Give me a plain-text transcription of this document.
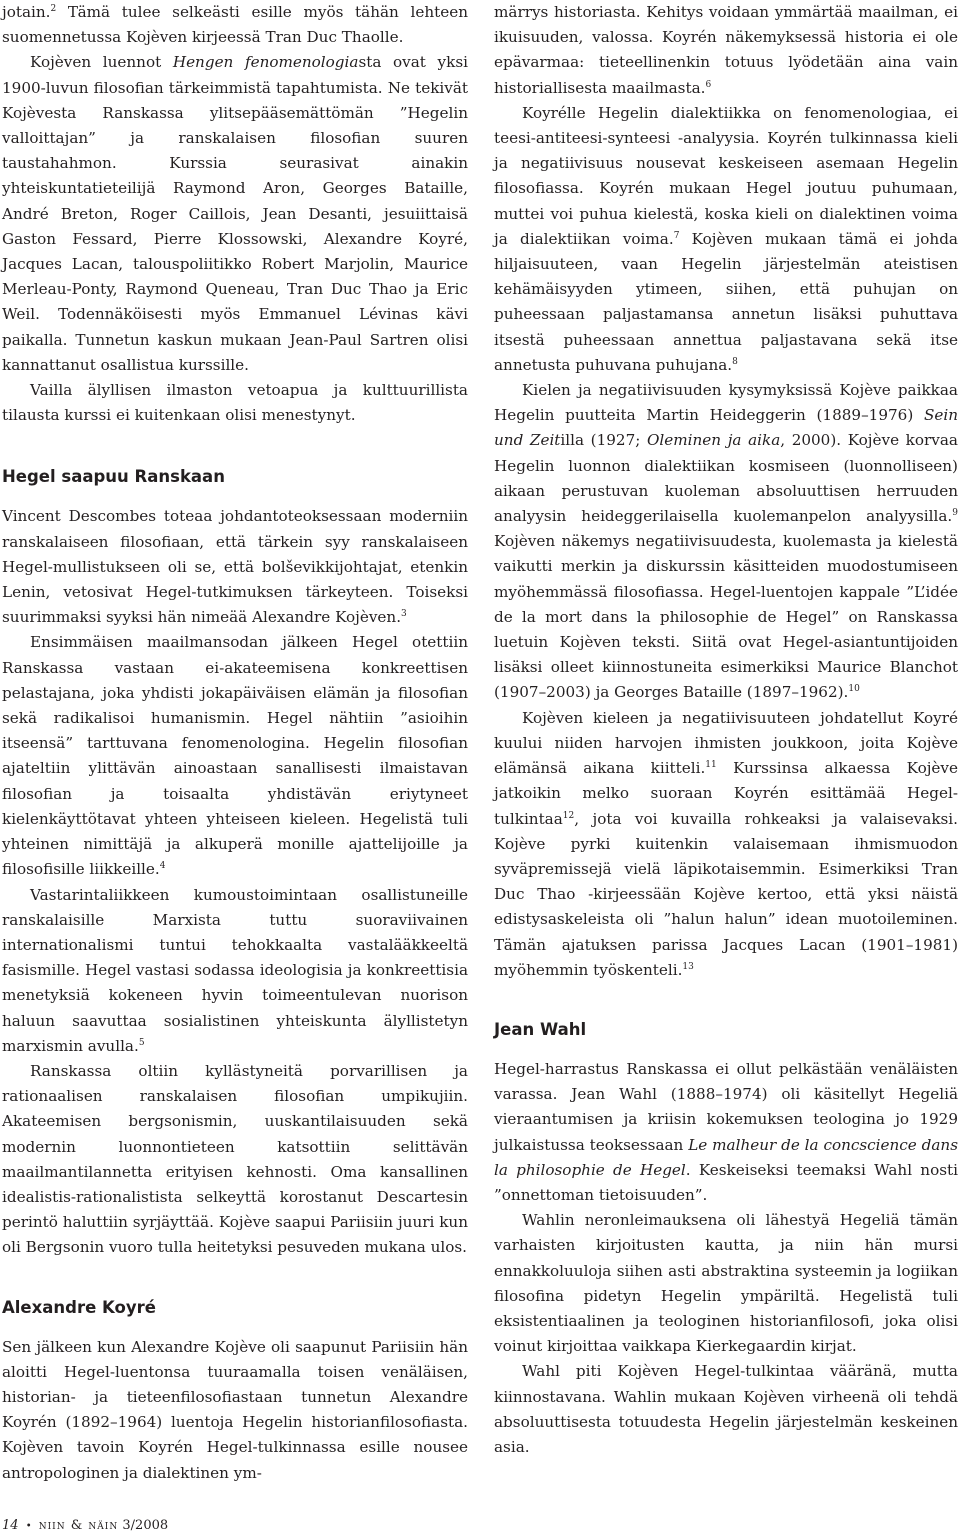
jotain.$^2$ Tämä tulee selkeästi esille myös tähän lehteen suomennetussa Kojèven kirjeessä Tran Duc Thaolle.

Kojèven luennot Hengen fenomenologiasta ovat yksi 1900-luvun filosofian tärkeimmistä tapahtumista. Ne tekivät Kojèvesta Ranskassa ylitsepääsemättömän ”Hegelin valloittajan” ja ranskalaisen filosofian suuren taustahahmon. Kurssia seurasivat ainakin yhteiskuntatieteilijä Raymond Aron, Georges Bataille, André Breton, Roger Caillois, Jean Desanti, jesuiittaisä Gaston Fessard, Pierre Klossowski, Alexandre Koyré, Jacques Lacan, talouspoliitikko Robert Marjolin, Maurice Merleau-Ponty, Raymond Queneau, Tran Duc Thao ja Eric Weil. Todennäköisesti myös Emmanuel Lévinas kävi paikalla. Tunnetun kaskun mukaan Jean-Paul Sartren olisi kannattanut osallistua kurssille.

Vailla älyllisen ilmaston vetoapua ja kulttuurillista tilausta kurssi ei kuitenkaan olisi menestynyt.

Hegel saapuu Ranskaan

Vincent Descombes toteaa johdantoteoksessaan moderniin ranskalaiseen filosofiaan, että tärkein syy ranskalaiseen Hegel-mullistukseen oli se, että bolševikkijohtajat, etenkin Lenin, vetosivat Hegel-tutkimuksen tärkeyteen. Toiseksi suurimmaksi syyksi hän nimeää Alexandre Kojèven.$^3$

Ensimmäisen maailmansodan jälkeen Hegel otettiin Ranskassa vastaan ei-akateemisena konkreettisen pelastajana, joka yhdisti jokapäiväisen elämän ja filosofian sekä radikalisoi humanismin. Hegel nähtiin ”asioihin itseensä” tarttuvana fenomenologina. Hegelin filosofian ajateltiin ylittävän ainoastaan sanallisesti ilmaistavan filosofian ja toisaalta yhdistävän eriytyneet kielenkäyttötavat yhteen yhteiseen kieleen. Hegelistä tuli yhteinen nimittäjä ja alkuperä monille ajattelijoille ja filosofisille liikkeille.$^4$

Vastarintaliikkeen kumoustoimintaan osallistuneille ranskalaisille Marxista tuttu suoraviivainen internationalismi tuntui tehokkaalta vastalääkkeeltä fasismille. Hegel vastasi sodassa ideologisia ja konkreettisia menetyksiä kokeneen hyvin toimeentulevan nuorison haluun saavuttaa sosialistinen yhteiskunta älyllistetyn marxismin avulla.$^5$

Ranskassa oltiin kyllästyneitä porvarillisen ja rationaalisen ranskalaisen filosofian umpikujiin. Akateemisen bergsonismin, uuskantilaisuuden sekä modernin luonnontieteen katsottiin selittävän maailmantilannetta erityisen kehnosti. Oma kansallinen idealistis-rationalistista selkeyttä korostanut Descartesin perintö haluttiin syrjäyttää. Kojève saapui Pariisiin juuri kun oli Bergsonin vuoro tulla heitetyksi pesuveden mukana ulos.

Alexandre Koyré

Sen jälkeen kun Alexandre Kojève oli saapunut Pariisiin hän aloitti Hegel-luentonsa tuuraamalla toisen venäläisen, historian- ja tieteenfilosofiastaan tunnetun Alexandre Koyrén (1892–1964) luentoja Hegelin historianfilosofiasta. Kojèven tavoin Koyrén Hegel-tulkinnassa esille nousee antropologinen ja dialektinen ym-

märrys historiasta. Kehitys voidaan ymmärtää maailman, ei ikuisuuden, valossa. Koyrén näkemyksessä historia ei ole epävarmaa: tieteellinenkin totuus lyödetään aina vain historiallisesta maailmasta.$^6$

Koyrélle Hegelin dialektiikka on fenomenologiaa, ei teesi-antiteesi-synteesi -analyysia. Koyrén tulkinnassa kieli ja negatiivisuus nousevat keskeiseen asemaan Hegelin filosofiassa. Koyrén mukaan Hegel joutuu puhumaan, muttei voi puhua kielestä, koska kieli on dialektinen voima ja dialektiikan voima.$^7$ Kojèven mukaan tämä ei johda hiljaisuuteen, vaan Hegelin järjestelmän ateistisen kehämäisyyden ytimeen, siihen, että puhujan on puheessaan paljastamansa annetun lisäksi puhuttava itsestä puheessaan annettua paljastavana sekä itse annetusta puhuvana puhujana.$^8$

Kielen ja negatiivisuuden kysymyksissä Kojève paikkaa Hegelin puutteita Martin Heideggerin (1889–1976) Sein und Zeitilla (1927; Oleminen ja aika, 2000). Kojève korvaa Hegelin luonnon dialektiikan kosmiseen (luonnolliseen) aikaan perustuvan kuoleman absoluuttisen herruuden analyysin heideggerilaisella kuolemanpelon analyysilla.$^9$ Kojèven näkemys negatiivisuudesta, kuolemasta ja kielestä vaikutti merkin ja diskurssin käsitteiden muodostumiseen myöhemmässä filosofiassa. Hegel-luentojen kappale ”L’idée de la mort dans la philosophie de Hegel” on Ranskassa luetuin Kojèven teksti. Siitä ovat Hegel-asiantuntijoiden lisäksi olleet kiinnostuneita esimerkiksi Maurice Blanchot (1907–2003) ja Georges Bataille (1897–1962).$^{10}$

Kojèven kieleen ja negatiivisuuteen johdatellut Koyré kuului niiden harvojen ihmisten joukkoon, joita Kojève elämänsä aikana kiitteli.$^{11}$ Kurssinsa alkaessa Kojève jatkoikin melko suoraan Koyrén esittämää Hegel-tulkintaa$^{12}$, jota voi kuvailla rohkeaksi ja valaisevaksi. Kojève pyrki kuitenkin valaisemaan ihmismuodon syväpremissejä vielä läpikotaisemmin. Esimerkiksi Tran Duc Thao -kirjeessään Kojève kertoo, että yksi näistä edistysaskeleista oli ”halun halun” idean muotoileminen. Tämän ajatuksen parissa Jacques Lacan (1901–1981) myöhemmin työskenteli.$^{13}$

Jean Wahl

Hegel-harrastus Ranskassa ei ollut pelkästään venäläisten varassa. Jean Wahl (1888–1974) oli käsitellyt Hegeliä vieraantumisen ja kriisin kokemuksen teologina jo 1929 julkaistussa teoksessaan Le malheur de la concscience dans la philosophie de Hegel. Keskeiseksi teemaksi Wahl nosti ”onnettoman tietoisuuden”.

Wahlin neronleimauksena oli lähestyä Hegeliä tämän varhaisten kirjoitusten kautta, ja niin hän mursi ennakkoluuloja siihen asti abstraktina systeemin ja logiikan filosofina pidetyn Hegelin ympäriltä. Hegelistä tuli eksistentiaalinen ja teologinen historianfilosofi, joka olisi voinut kirjoittaa vaikkapa Kierkegaardin kirjat.

Wahl piti Kojèven Hegel-tulkintaa vääränä, mutta kiinnostavana. Wahlin mukaan Kojèven virheenä oli tehdä absoluuttisesta totuudesta Hegelin järjestelmän keskeinen asia.

14 • niin & näin 3/2008
